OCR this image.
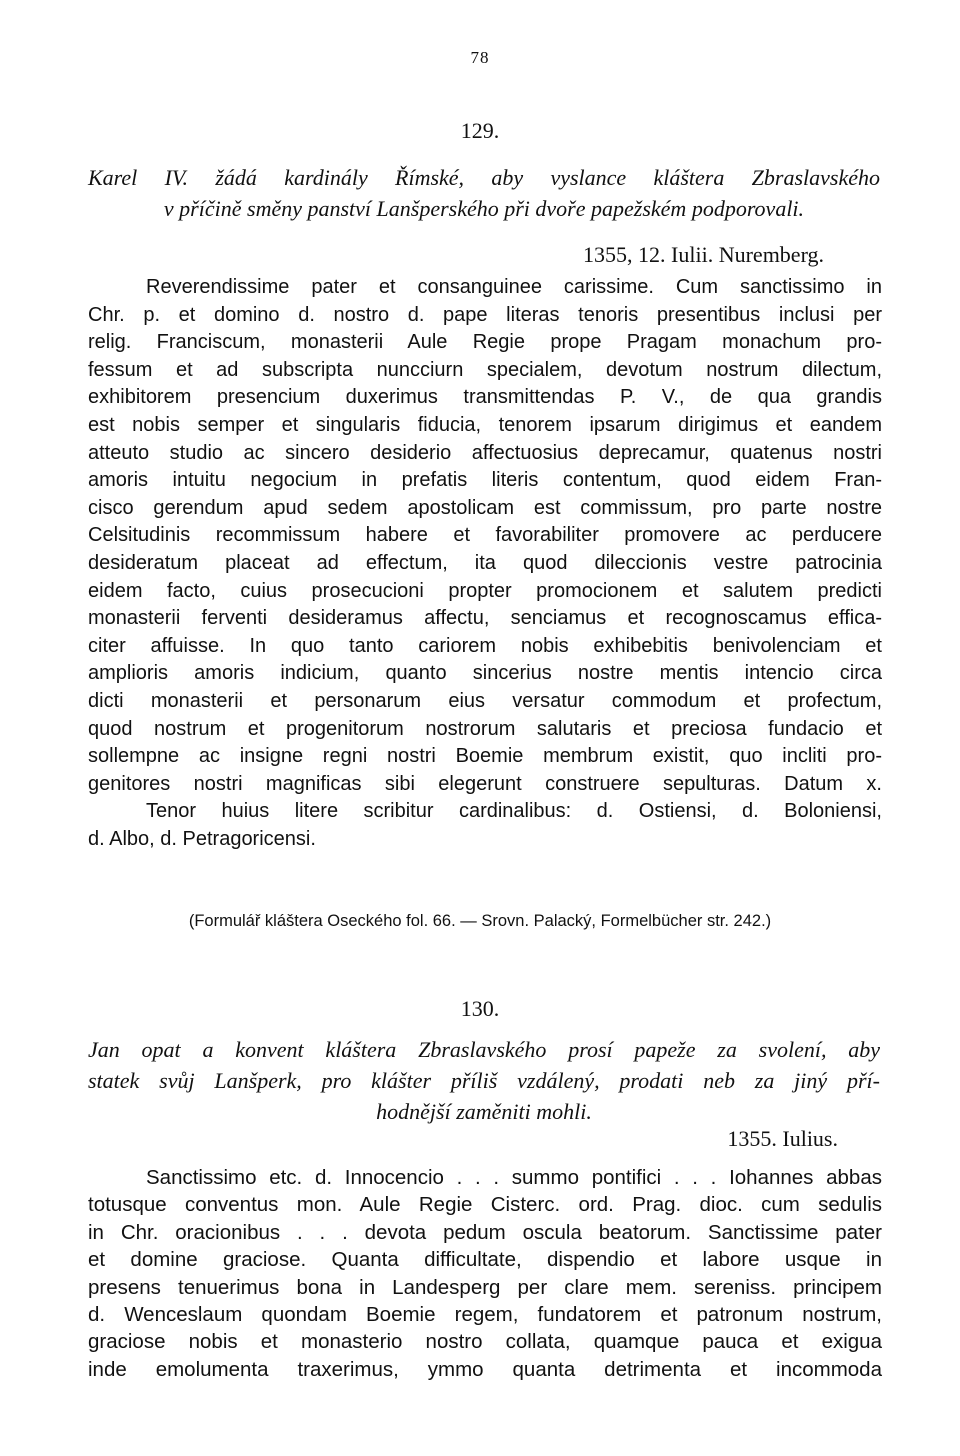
78
129.
Karel IV. žádá kardinály Římské, aby vyslance kláštera Zbraslavského
v příčině směny panství Lanšperského při dvoře papežském podporovali.
1355, 12. Iulii. Nuremberg.
Reverendissime pater et consanguinee carissime. Cum sanctissimo in
Chr. p. et domino d. nostro d. pape literas tenoris presentibus inclusi per
relig. Franciscum, monasterii Aule Regie prope Pragam monachum pro-
fessum et ad subscripta nuncciurn specialem, devotum nostrum dilectum,
exhibitorem presencium duxerimus transmittendas P. V., de qua grandis
est nobis semper et singularis fiducia, tenorem ipsarum dirigimus et eandem
atteuto studio ac sincero desiderio affectuosius deprecamur, quatenus nostri
amoris intuitu negocium in prefatis literis contentum, quod eidem Fran-
cisco gerendum apud sedem apostolicam est commissum, pro parte nostre
Celsitudinis recommissum habere et favorabiliter promovere ac perducere
desideratum placeat ad effectum, ita quod dileccionis vestre patrocinia
eidem facto, cuius prosecucioni propter promocionem et salutem predicti
monasterii ferventi desideramus affectu, senciamus et recognoscamus effica-
citer affuisse. In quo tanto cariorem nobis exhibebitis benivolenciam et
amplioris amoris indicium, quanto sincerius nostre mentis intencio circa
dicti monasterii et personarum eius versatur commodum et profectum,
quod nostrum et progenitorum nostrorum salutaris et preciosa fundacio et
sollempne ac insigne regni nostri Boemie membrum existit, quo incliti pro-
genitores nostri magnificas sibi elegerunt construere sepulturas. Datum x.
Tenor huius litere scribitur cardinalibus: d. Ostiensi, d. Boloniensi,
d. Albo, d. Petragoricensi.
(Formulář kláštera Oseckého fol. 66. — Srovn. Palacký, Formelbücher str. 242.)
130.
Jan opat a konvent kláštera Zbraslavského prosí papeže za svolení, aby
statek svůj Lanšperk, pro klášter příliš vzdálený, prodati neb za jiný pří-
hodnější zaměniti mohli.
1355. Iulius.
Sanctissimo etc. d. Innocencio . . . summo pontifici . . . Iohannes abbas
totusque conventus mon. Aule Regie Cisterc. ord. Prag. dioc. cum sedulis
in Chr. oracionibus . . . devota pedum oscula beatorum. Sanctissime pater
et domine graciose. Quanta difficultate, dispendio et labore usque in
presens tenuerimus bona in Landesperg per clare mem. sereniss. principem
d. Wenceslaum quondam Boemie regem, fundatorem et patronum nostrum,
graciose nobis et monasterio nostro collata, quamque pauca et exigua
inde emolumenta traxerimus, ymmo quanta detrimenta et incommoda
